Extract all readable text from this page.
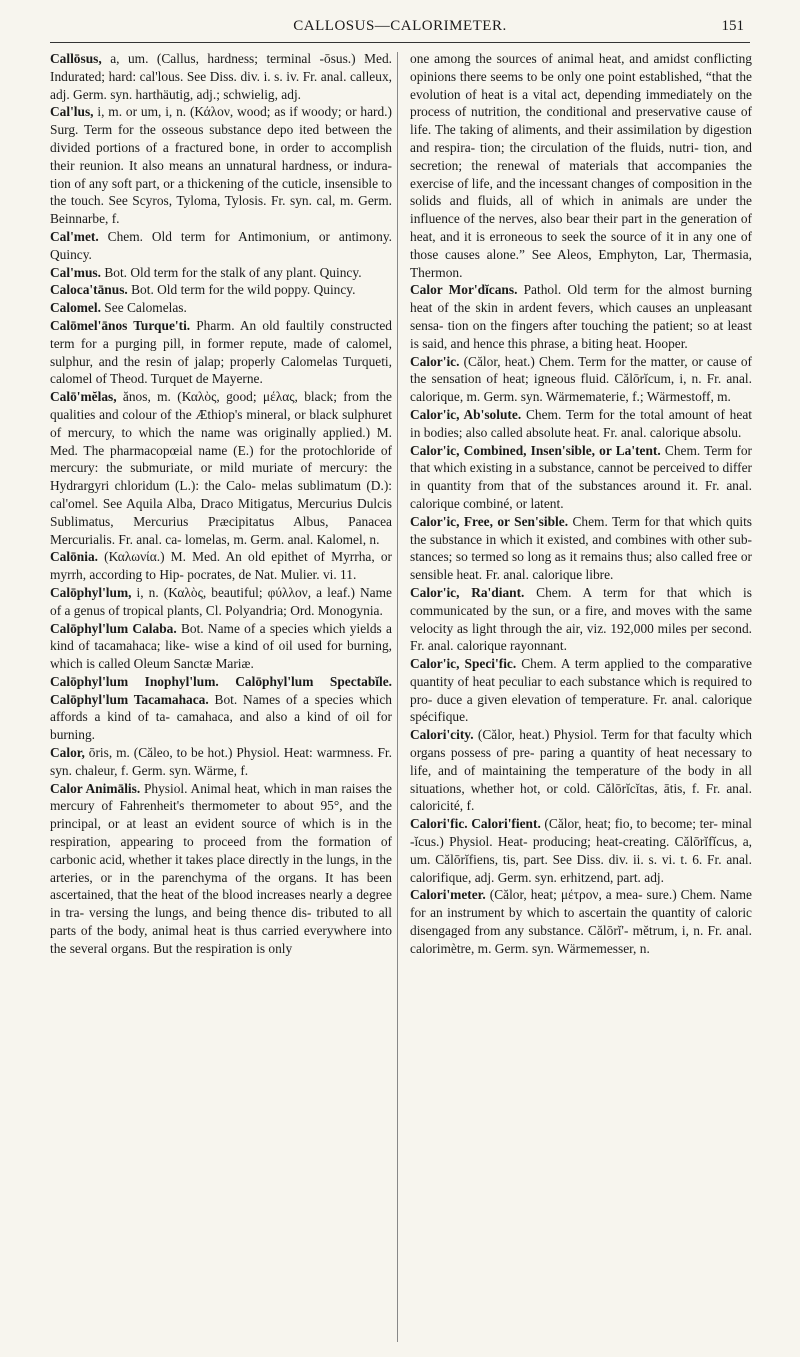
CALLOSUS—CALORIMETER.	151

Callōsus, a, um. (Callus, hardness; terminal -ōsus.) Med. Indurated; hard: cal'lous. See Diss. div. i. s. iv. Fr. anal. calleux, adj. Germ. syn. harthäutig, adj.; schwielig, adj.

Cal'lus, i, m. or um, i, n. (Κάλον, wood; as if woody; or hard.) Surg. Term for the osseous substance depo ited between the divided portions of a fractured bone, in order to accomplish their reunion. It also means an unnatural hardness, or indura- tion of any soft part, or a thickening of the cuticle, insensible to the touch. See Scyros, Tyloma, Tylosis. Fr. syn. cal, m. Germ. Beinnarbe, f.

Cal'met. Chem. Old term for Antimonium, or antimony. Quincy.

Cal'mus. Bot. Old term for the stalk of any plant. Quincy.

Caloca'tānus. Bot. Old term for the wild poppy. Quincy.

Calomel. See Calomelas.

Calōmel'ānos Turque'ti. Pharm. An old faultily constructed term for a purging pill, in former repute, made of calomel, sulphur, and the resin of jalap; properly Calomelas Turqueti, calomel of Theod. Turquet de Mayerne.

Calō'mĕlas, ănos, m. (Καλὸς, good; μέλας, black; from the qualities and colour of the Æthiop's mineral, or black sulphuret of mercury, to which the name was originally applied.) M. Med. The pharmacopœial name (E.) for the protochloride of mercury: the submuriate, or mild muriate of mercury: the Hydrargyri chloridum (L.): the Calo- melas sublimatum (D.): cal'omel. See Aquila Alba, Draco Mitigatus, Mercurius Dulcis Sublimatus, Mercurius Præcipitatus Albus, Panacea Mercurialis. Fr. anal. ca- lomelas, m. Germ. anal. Kalomel, n.

Calōnia. (Καλωνία.) M. Med. An old epithet of Myrrha, or myrrh, according to Hip- pocrates, de Nat. Mulier. vi. 11.

Calōphyl'lum, i, n. (Καλὸς, beautiful; φύλλον, a leaf.) Name of a genus of tropical plants, Cl. Polyandria; Ord. Monogynia.

Calōphyl'lum Calaba. Bot. Name of a species which yields a kind of tacamahaca; like- wise a kind of oil used for burning, which is called Oleum Sanctæ Mariæ.

Calōphyl'lum Inophyl'lum. Calōphyl'lum Spectabĭle. Calōphyl'lum Tacamahaca. Bot. Names of a species which affords a kind of ta- camahaca, and also a kind of oil for burning.

Calor, ōris, m. (Căleo, to be hot.) Physiol. Heat: warmness. Fr. syn. chaleur, f. Germ. syn. Wärme, f.

Calor Animālis. Physiol. Animal heat, which in man raises the mercury of Fahrenheit's thermometer to about 95°, and the principal, or at least an evident source of which is in the respiration, appearing to proceed from the formation of carbonic acid, whether it takes place directly in the lungs, in the arteries, or in the parenchyma of the organs. It has been ascertained, that the heat of the blood increases nearly a degree in tra- versing the lungs, and being thence dis- tributed to all parts of the body, animal heat is thus carried everywhere into the several organs. But the respiration is only

one among the sources of animal heat, and amidst conflicting opinions there seems to be only one point established, “that the evolution of heat is a vital act, depending immediately on the process of nutrition, the conditional and preservative cause of life. The taking of aliments, and their assimilation by digestion and respira- tion; the circulation of the fluids, nutri- tion, and secretion; the renewal of materials that accompanies the exercise of life, and the incessant changes of composition in the solids and fluids, all of which in animals are under the influence of the nerves, also bear their part in the generation of heat, and it is erroneous to seek the source of it in any one of those causes alone.” See Aleos, Emphyton, Lar, Thermasia, Thermon.

Calor Mor'dĭcans. Pathol. Old term for the almost burning heat of the skin in ardent fevers, which causes an unpleasant sensa- tion on the fingers after touching the patient; so at least is said, and hence this phrase, a biting heat. Hooper.

Calor'ic. (Călor, heat.) Chem. Term for the matter, or cause of the sensation of heat; igneous fluid. Călōrĭcum, i, n. Fr. anal. calorique, m. Germ. syn. Wärmematerie, f.; Wärmestoff, m.

Calor'ic, Ab'solute. Chem. Term for the total amount of heat in bodies; also called absolute heat. Fr. anal. calorique absolu.

Calor'ic, Combined, Insen'sible, or La'tent. Chem. Term for that which existing in a substance, cannot be perceived to differ in quantity from that of the substances around it. Fr. anal. calorique combiné, or latent.

Calor'ic, Free, or Sen'sible. Chem. Term for that which quits the substance in which it existed, and combines with other sub- stances; so termed so long as it remains thus; also called free or sensible heat. Fr. anal. calorique libre.

Calor'ic, Ra'diant. Chem. A term for that which is communicated by the sun, or a fire, and moves with the same velocity as light through the air, viz. 192,000 miles per second. Fr. anal. calorique rayonnant.

Calor'ic, Speci'fic. Chem. A term applied to the comparative quantity of heat peculiar to each substance which is required to pro- duce a given elevation of temperature. Fr. anal. calorique spécifique.

Calori'city. (Călor, heat.) Physiol. Term for that faculty which organs possess of pre- paring a quantity of heat necessary to life, and of maintaining the temperature of the body in all situations, whether hot, or cold. Călōrĭcĭtas, ātis, f. Fr. anal. caloricité, f.

Calori'fic. Calori'fient. (Călor, heat; fio, to become; ter- minal -ĭcus.) Physiol. Heat- producing; heat-creating. Călōrĭfĭcus, a, um. Călōrĭfiens, tis, part. See Diss. div. ii. s. vi. t. 6. Fr. anal. calorifique, adj. Germ. syn. erhitzend, part. adj.

Calori'meter. (Călor, heat; μέτρον, a mea- sure.) Chem. Name for an instrument by which to ascertain the quantity of caloric disengaged from any substance. Călōrĭ'- mĕtrum, i, n. Fr. anal. calorimètre, m. Germ. syn. Wärmemesser, n.
